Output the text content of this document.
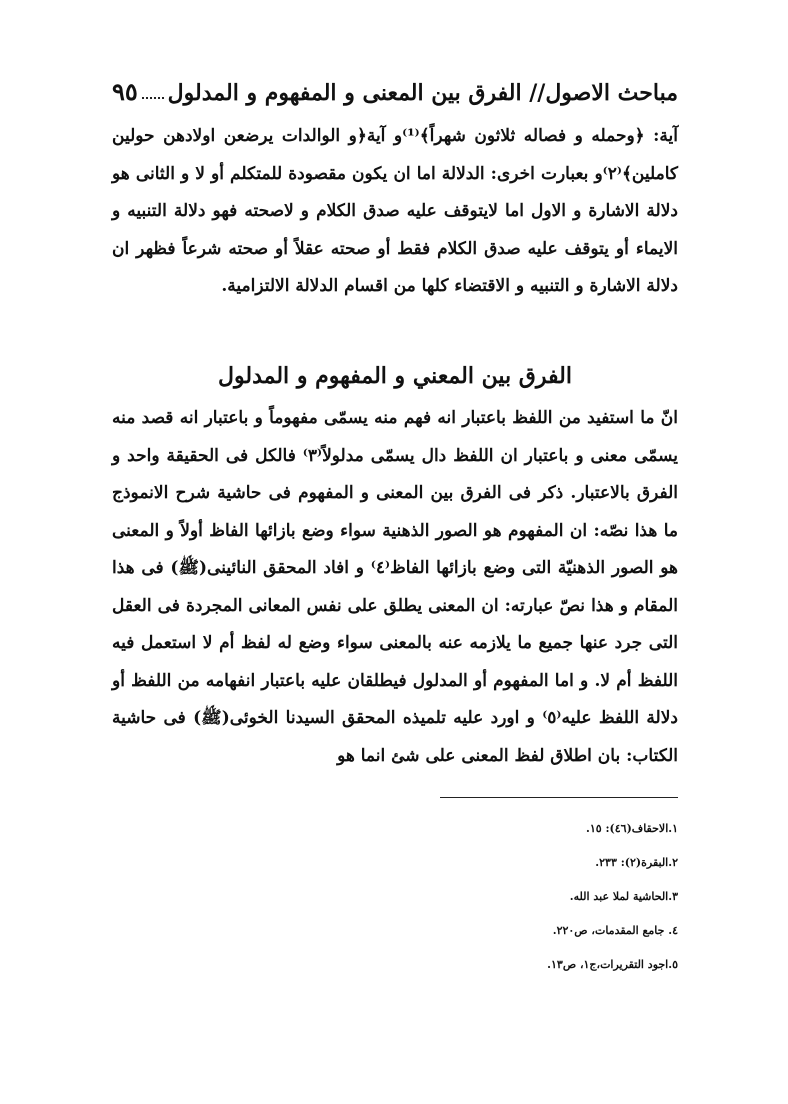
مباحث الاصول// الفرق بين المعنى و المفهوم و المدلول
٩٥

آية: ﴿وحمله و فصاله ثلاثون شهراً﴾⁽¹⁾و آية﴿و الوالدات يرضعن اولادهن حولين كاملين﴾⁽٢⁾و بعبارت اخرى: الدلالة اما ان يكون مقصودة للمتكلم أو لا و الثانى هو دلالة الاشارة و الاول اما لايتوقف عليه صدق الكلام و لاصحته فهو دلالة التنبيه و الايماء أو يتوقف عليه صدق الكلام فقط أو صحته عقلاً أو صحته شرعاً فظهر ان دلالة الاشارة و التنبيه و الاقتضاء كلها من اقسام الدلالة الالتزامية.

الفرق بين المعني و المفهوم و المدلول

انّ ما استفيد من اللفظ باعتبار انه فهم منه يسمّى مفهوماً و باعتبار انه قصد منه يسمّى معنى و باعتبار ان اللفظ دال يسمّى مدلولاً⁽٣⁾ فالكل فى الحقيقة واحد و الفرق بالاعتبار. ذكر فى الفرق بين المعنى و المفهوم فى حاشية شرح الانموذج ما هذا نصّه: ان المفهوم هو الصور الذهنية سواء وضع بازائها الفاظ أولاً و المعنى هو الصور الذهنيّة التى وضع بازائها الفاظ⁽٤⁾ و افاد المحقق النائينى(ﷺ) فى هذا المقام و هذا نصّ عبارته: ان المعنى يطلق على نفس المعانى المجردة فى العقل التى جرد عنها جميع ما يلازمه عنه بالمعنى سواء وضع له لفظ أم لا استعمل فيه اللفظ أم لا. و اما المفهوم أو المدلول فيطلقان عليه باعتبار انفهامه من اللفظ أو دلالة اللفظ عليه⁽٥⁾ و اورد عليه تلميذه المحقق السيدنا الخوئى(ﷺ) فى حاشية الكتاب: بان اطلاق لفظ المعنى على شئ انما هو

١.الاحقاف(٤٦): ١٥.
٢.البقرة(٢): ٢٣٣.
٣.الحاشية لملا عبد الله.
٤. جامع المقدمات، ص٢٢٠.
٥.اجود التقريرات،ج١، ص١٣.
